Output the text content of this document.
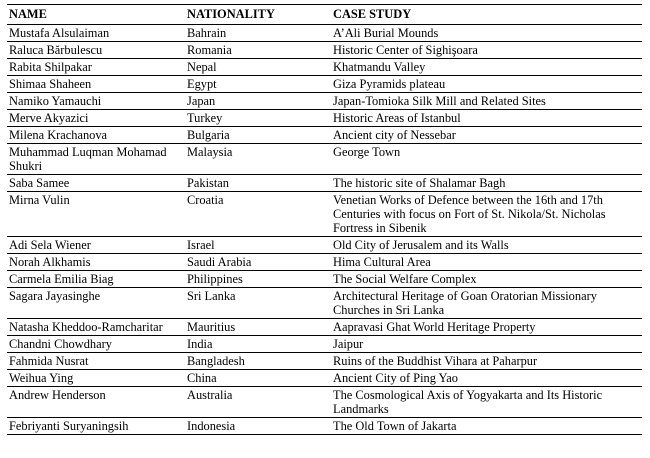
NAME	NATIONALITY	CASE STUDY
Mustafa Alsulaiman	Bahrain	A’Ali Burial Mounds
Raluca Bărbulescu	Romania	Historic Center of Sighişoara
Rabita Shilpakar	Nepal	Khatmandu Valley
Shimaa Shaheen	Egypt	Giza Pyramids plateau
Namiko Yamauchi	Japan	Japan-Tomioka Silk Mill and Related Sites
Merve Akyazici	Turkey	Historic Areas of Istanbul
Milena Krachanova	Bulgaria	Ancient city of Nessebar
Muhammad Luqman Mohamad Shukri	Malaysia	George Town
Saba Samee	Pakistan	The historic site of Shalamar Bagh
Mirna Vulin	Croatia	Venetian Works of Defence between the 16th and 17th Centuries with focus on Fort of St. Nikola/St. Nicholas Fortress in Sibenik
Adi Sela Wiener	Israel	Old City of Jerusalem and its Walls
Norah Alkhamis	Saudi Arabia	Hima Cultural Area
Carmela Emilia Biag	Philippines	The Social Welfare Complex
Sagara Jayasinghe	Sri Lanka	Architectural Heritage of Goan Oratorian Missionary Churches in Sri Lanka
Natasha Kheddoo-Ramcharitar	Mauritius	Aapravasi Ghat World Heritage Property
Chandni Chowdhary	India	Jaipur
Fahmida Nusrat	Bangladesh	Ruins of the Buddhist Vihara at Paharpur
Weihua Ying	China	Ancient City of Ping Yao
Andrew Henderson	Australia	The Cosmological Axis of Yogyakarta and Its Historic Landmarks
Febriyanti Suryaningsih	Indonesia	The Old Town of Jakarta
